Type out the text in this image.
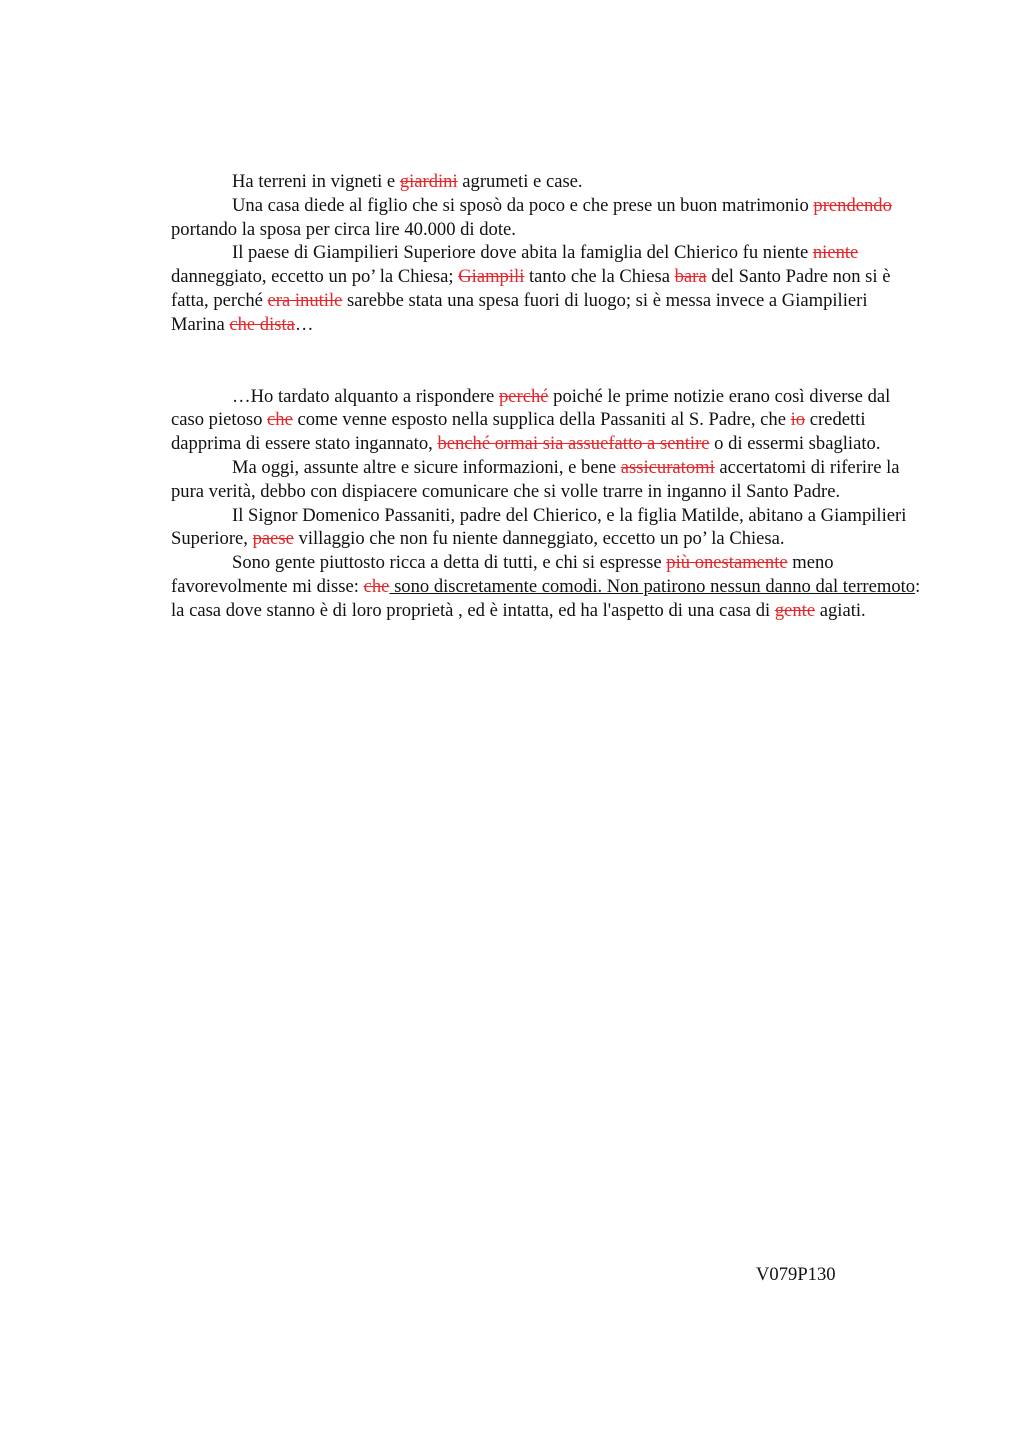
Ha terreni in vigneti e giardini agrumeti e case.

Una casa diede al figlio che si sposò da poco e che prese un buon matrimonio prendendo portando la sposa per circa lire 40.000 di dote.

Il paese di Giampilieri Superiore dove abita la famiglia del Chierico fu niente niente danneggiato, eccetto un po’ la Chiesa; Giampili tanto che la Chiesa bara del Santo Padre non si è fatta, perché era inutile sarebbe stata una spesa fuori di luogo; si è messa invece a Giampilieri Marina che dista…

…Ho tardato alquanto a rispondere perché poiché le prime notizie erano così diverse dal caso pietoso che come venne esposto nella supplica della Passaniti al S. Padre, che io credetti dapprima di essere stato ingannato, benché ormai sia assuefatto a sentire o di essermi sbagliato.

Ma oggi, assunte altre e sicure informazioni, e bene assicuratomi accertatomi di riferire la pura verità, debbo con dispiacere comunicare che si volle trarre in inganno il Santo Padre.

Il Signor Domenico Passaniti, padre del Chierico, e la figlia Matilde, abitano a Giampilieri Superiore, paese villaggio che non fu niente danneggiato, eccetto un po’ la Chiesa.

Sono gente piuttosto ricca a detta di tutti, e chi si espresse più onestamente meno favorevolmente mi disse: che sono discretamente comodi. Non patirono nessun danno dal terremoto: la casa dove stanno è di loro proprietà , ed è intatta, ed ha l'aspetto di una casa di gente agiati.

V079P130
